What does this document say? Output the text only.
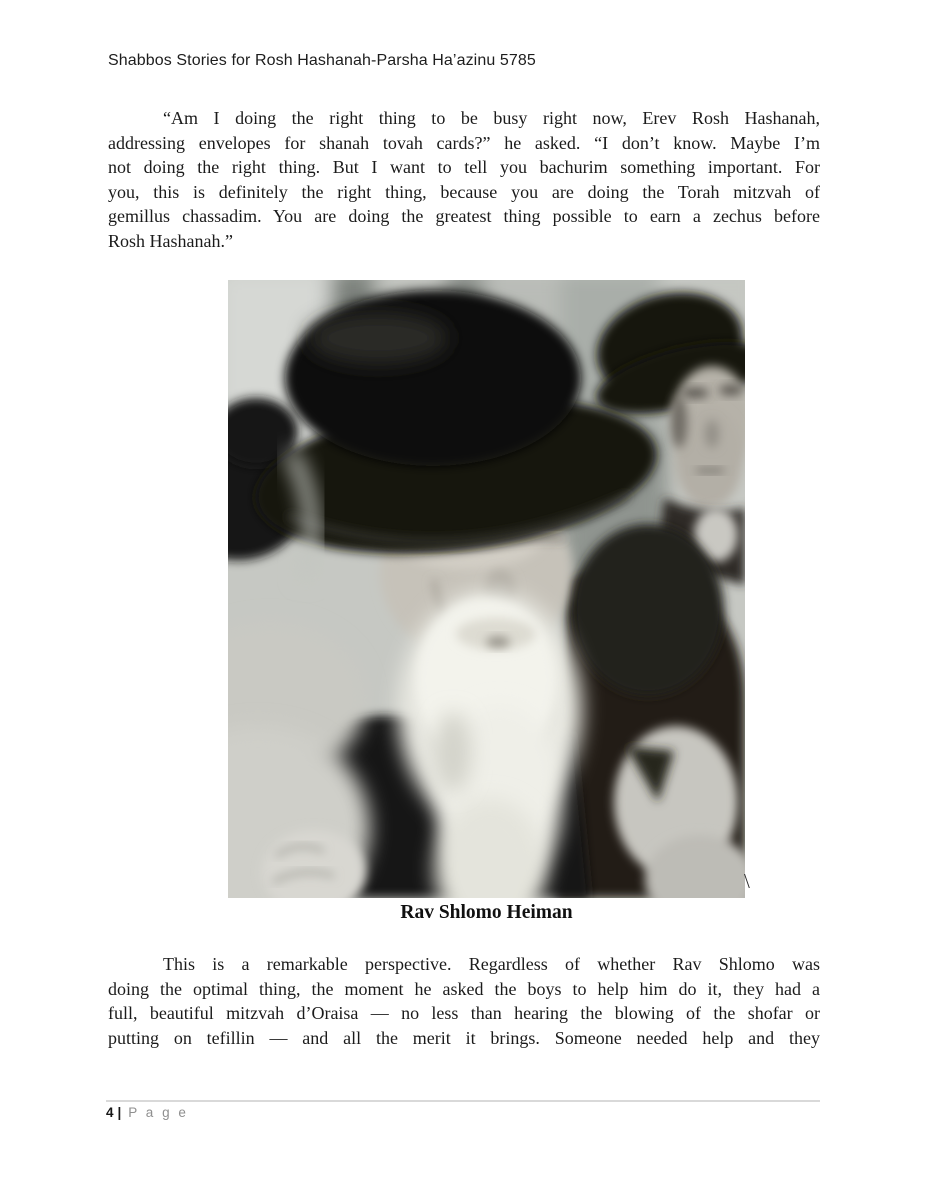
Shabbos Stories for Rosh Hashanah-Parsha Ha’azinu 5785
“Am I doing the right thing to be busy right now, Erev Rosh Hashanah,
addressing envelopes for shanah tovah cards?” he asked. “I don’t know. Maybe I’m
not doing the right thing. But I want to tell you bachurim something important. For
you, this is definitely the right thing, because you are doing the Torah mitzvah of
gemillus chassadim. You are doing the greatest thing possible to earn a zechus before
Rosh Hashanah.”
\
Rav Shlomo Heiman
This is a remarkable perspective. Regardless of whether Rav Shlomo was
doing the optimal thing, the moment he asked the boys to help him do it, they had a
full, beautiful mitzvah d’Oraisa — no less than hearing the blowing of the shofar or
putting on tefillin — and all the merit it brings. Someone needed help and they
4 | P a g e
